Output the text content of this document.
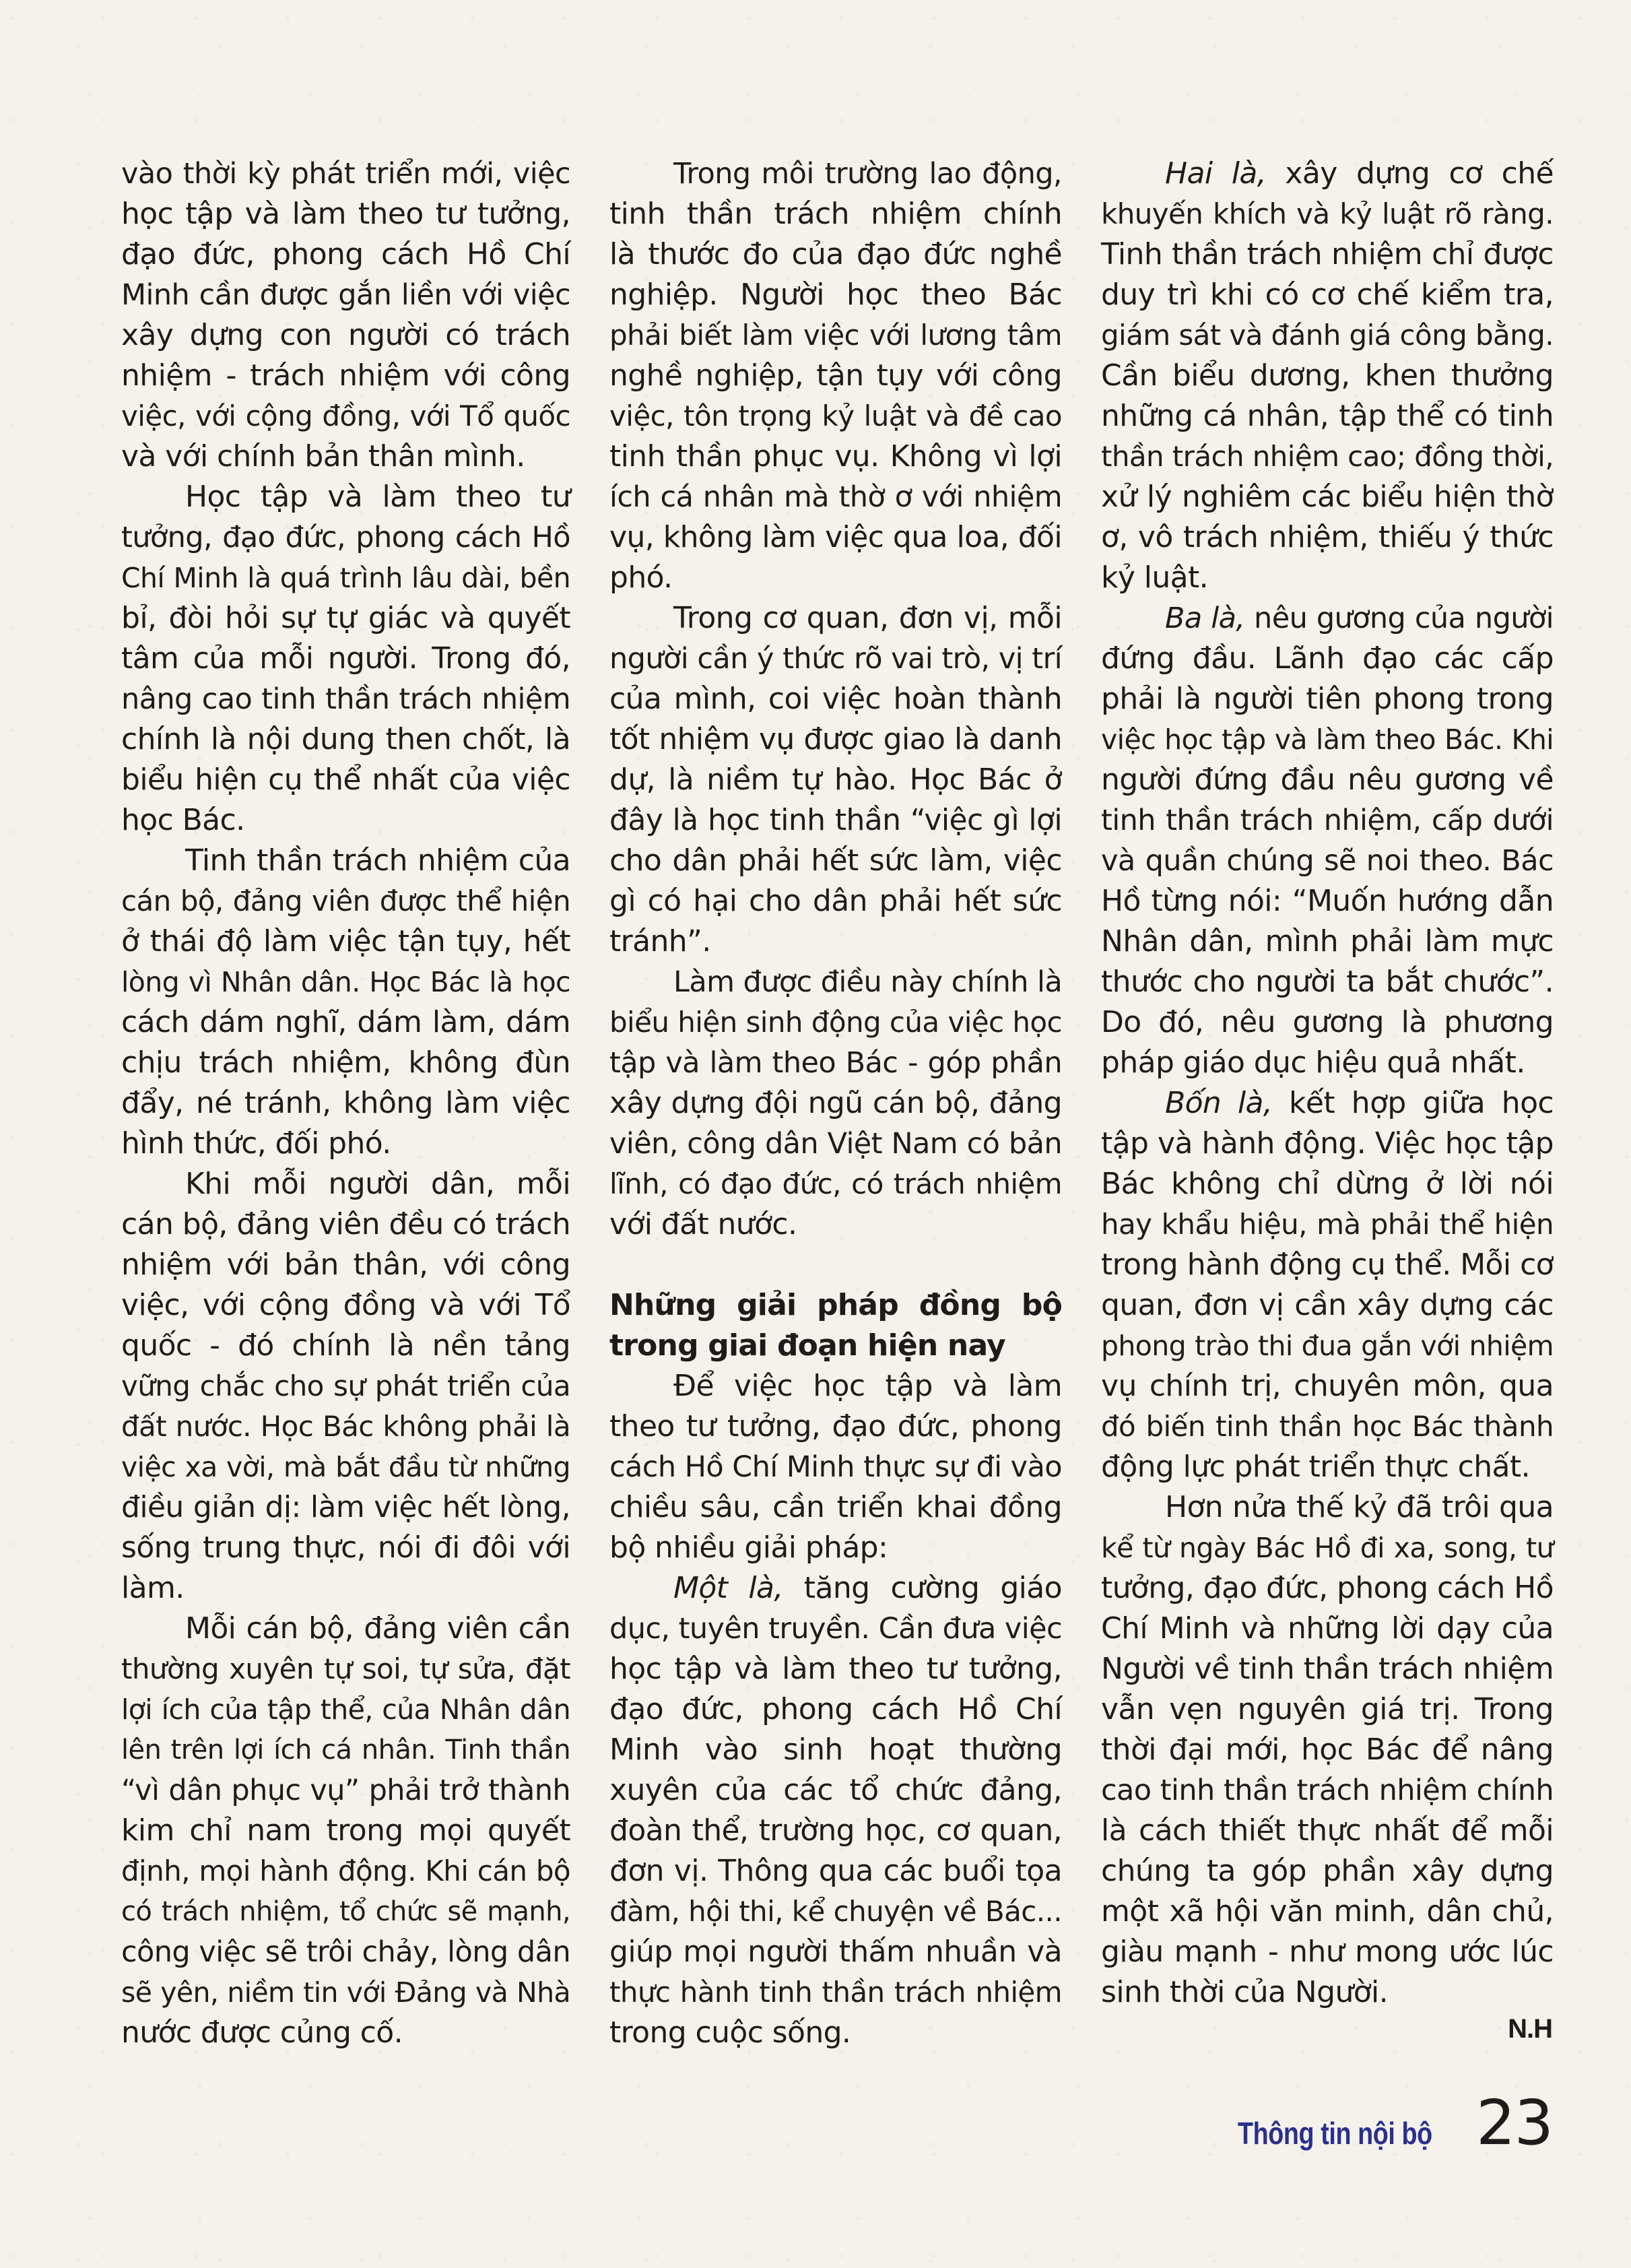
vào thời kỳ phát triển mới, việc
học tập và làm theo tư tưởng,
đạo đức, phong cách Hồ Chí
Minh cần được gắn liền với việc
xây dựng con người có trách
nhiệm - trách nhiệm với công
việc, với cộng đồng, với Tổ quốc
và với chính bản thân mình.
Học tập và làm theo tư
tưởng, đạo đức, phong cách Hồ
Chí Minh là quá trình lâu dài, bền
bỉ, đòi hỏi sự tự giác và quyết
tâm của mỗi người. Trong đó,
nâng cao tinh thần trách nhiệm
chính là nội dung then chốt, là
biểu hiện cụ thể nhất của việc
học Bác.
Tinh thần trách nhiệm của
cán bộ, đảng viên được thể hiện
ở thái độ làm việc tận tụy, hết
lòng vì Nhân dân. Học Bác là học
cách dám nghĩ, dám làm, dám
chịu trách nhiệm, không đùn
đẩy, né tránh, không làm việc
hình thức, đối phó.
Khi mỗi người dân, mỗi
cán bộ, đảng viên đều có trách
nhiệm với bản thân, với công
việc, với cộng đồng và với Tổ
quốc - đó chính là nền tảng
vững chắc cho sự phát triển của
đất nước. Học Bác không phải là
việc xa vời, mà bắt đầu từ những
điều giản dị: làm việc hết lòng,
sống trung thực, nói đi đôi với
làm.
Mỗi cán bộ, đảng viên cần
thường xuyên tự soi, tự sửa, đặt
lợi ích của tập thể, của Nhân dân
lên trên lợi ích cá nhân. Tinh thần
“vì dân phục vụ” phải trở thành
kim chỉ nam trong mọi quyết
định, mọi hành động. Khi cán bộ
có trách nhiệm, tổ chức sẽ mạnh,
công việc sẽ trôi chảy, lòng dân
sẽ yên, niềm tin với Đảng và Nhà
nước được củng cố.
Trong môi trường lao động,
tinh thần trách nhiệm chính
là thước đo của đạo đức nghề
nghiệp. Người học theo Bác
phải biết làm việc với lương tâm
nghề nghiệp, tận tụy với công
việc, tôn trọng kỷ luật và đề cao
tinh thần phục vụ. Không vì lợi
ích cá nhân mà thờ ơ với nhiệm
vụ, không làm việc qua loa, đối
phó.
Trong cơ quan, đơn vị, mỗi
người cần ý thức rõ vai trò, vị trí
của mình, coi việc hoàn thành
tốt nhiệm vụ được giao là danh
dự, là niềm tự hào. Học Bác ở
đây là học tinh thần “việc gì lợi
cho dân phải hết sức làm, việc
gì có hại cho dân phải hết sức
tránh”.
Làm được điều này chính là
biểu hiện sinh động của việc học
tập và làm theo Bác - góp phần
xây dựng đội ngũ cán bộ, đảng
viên, công dân Việt Nam có bản
lĩnh, có đạo đức, có trách nhiệm
với đất nước.
Những giải pháp đồng bộ
trong giai đoạn hiện nay
Để việc học tập và làm
theo tư tưởng, đạo đức, phong
cách Hồ Chí Minh thực sự đi vào
chiều sâu, cần triển khai đồng
bộ nhiều giải pháp:
Một là, tăng cường giáo
dục, tuyên truyền. Cần đưa việc
học tập và làm theo tư tưởng,
đạo đức, phong cách Hồ Chí
Minh vào sinh hoạt thường
xuyên của các tổ chức đảng,
đoàn thể, trường học, cơ quan,
đơn vị. Thông qua các buổi tọa
đàm, hội thi, kể chuyện về Bác...
giúp mọi người thấm nhuần và
thực hành tinh thần trách nhiệm
trong cuộc sống.
Hai là, xây dựng cơ chế
khuyến khích và kỷ luật rõ ràng.
Tinh thần trách nhiệm chỉ được
duy trì khi có cơ chế kiểm tra,
giám sát và đánh giá công bằng.
Cần biểu dương, khen thưởng
những cá nhân, tập thể có tinh
thần trách nhiệm cao; đồng thời,
xử lý nghiêm các biểu hiện thờ
ơ, vô trách nhiệm, thiếu ý thức
kỷ luật.
Ba là, nêu gương của người
đứng đầu. Lãnh đạo các cấp
phải là người tiên phong trong
việc học tập và làm theo Bác. Khi
người đứng đầu nêu gương về
tinh thần trách nhiệm, cấp dưới
và quần chúng sẽ noi theo. Bác
Hồ từng nói: “Muốn hướng dẫn
Nhân dân, mình phải làm mực
thước cho người ta bắt chước”.
Do đó, nêu gương là phương
pháp giáo dục hiệu quả nhất.
Bốn là, kết hợp giữa học
tập và hành động. Việc học tập
Bác không chỉ dừng ở lời nói
hay khẩu hiệu, mà phải thể hiện
trong hành động cụ thể. Mỗi cơ
quan, đơn vị cần xây dựng các
phong trào thi đua gắn với nhiệm
vụ chính trị, chuyên môn, qua
đó biến tinh thần học Bác thành
động lực phát triển thực chất.
Hơn nửa thế kỷ đã trôi qua
kể từ ngày Bác Hồ đi xa, song, tư
tưởng, đạo đức, phong cách Hồ
Chí Minh và những lời dạy của
Người về tinh thần trách nhiệm
vẫn vẹn nguyên giá trị. Trong
thời đại mới, học Bác để nâng
cao tinh thần trách nhiệm chính
là cách thiết thực nhất để mỗi
chúng ta góp phần xây dựng
một xã hội văn minh, dân chủ,
giàu mạnh - như mong ước lúc
sinh thời của Người.
N.H
Thông tin nội bộ 23
